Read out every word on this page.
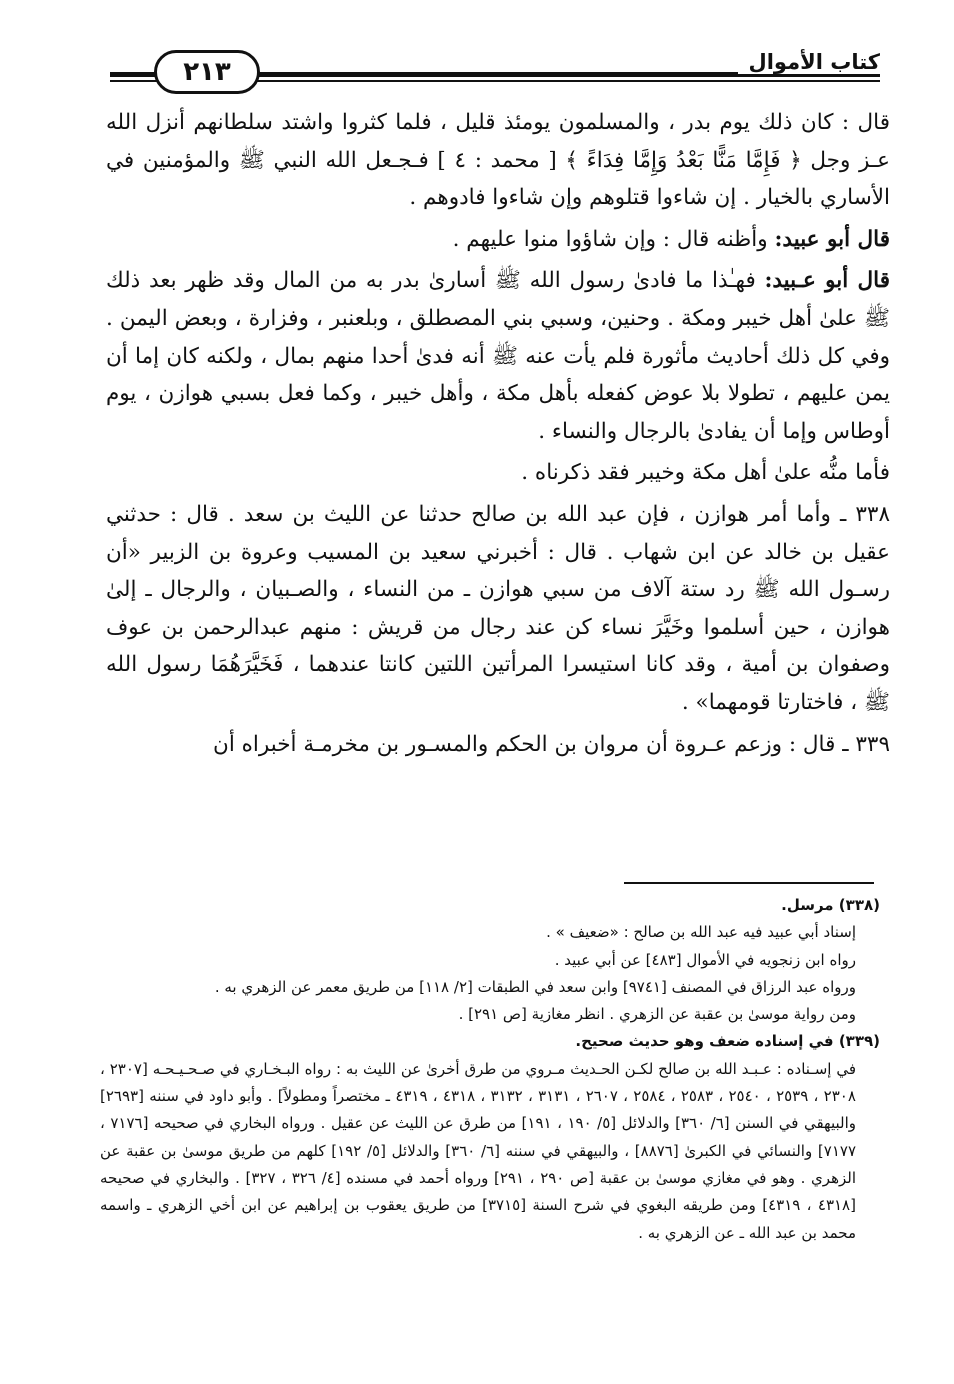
كتاب الأموال
٢١٣

قال : كان ذلك يوم بدر ، والمسلمون يومئذ قليل ، فلما كثروا واشتد سلطانهم أنزل الله عـز وجل ﴿ فَإِمَّا مَنًّا بَعْدُ وَإِمَّا فِدَاءً ﴾ [ محمد : ٤ ] فـجـعل الله النبي ﷺ والمؤمنين في الأساري بالخيار . إن شاءوا قتلوهم وإن شاءوا فادوهم .

قال أبو عبيد: وأظنه قال : وإن شاؤوا منوا عليهم .

قال أبو عـبيد: فهـٰذا ما فادىٰ رسول الله ﷺ أسارىٰ بدر به من المال وقد ظهر بعد ذلك ﷺ علىٰ أهل خيبر ومكة . وحنين، وسبي بني المصطلق ، وبلعنبر ، وفزارة ، وبعض اليمن . وفي كل ذلك أحاديث مأثورة فلم يأت عنه ﷺ أنه فدىٰ أحدا منهم بمال ، ولكنه كان إما أن يمن عليهم ، تطولا بلا عوض كفعله بأهل مكة ، وأهل خيبر ، وكما فعل بسبي هوازن ، يوم أوطاس وإما أن يفادىٰ بالرجال والنساء .

فأما منُّه علىٰ أهل مكة وخيبر فقد ذكرناه .

٣٣٨ ـ وأما أمر هوازن ، فإن عبد الله بن صالح حدثنا عن الليث بن سعد . قال : حدثني عقيل بن خالد عن ابن شهاب . قال : أخبرني سعيد بن المسيب وعروة بن الزبير «أن رسـول الله ﷺ رد ستة آلاف من سبي هوازن ـ من النساء ، والصـبيان ، والرجال ـ إلىٰ هوازن ، حين أسلموا وخَيَّرَ نساء كن عند رجال من قريش : منهم عبدالرحمن بن عوف وصفوان بن أمية ، وقد كانا استيسرا المرأتين اللتين كانتا عندهما ، فَخَيَّرَهُمَا رسول الله ﷺ ، فاختارتا قومهما» .

٣٣٩ ـ قال : وزعم عـروة أن مروان بن الحكم والمسـور بن مخرمـة أخبراه أن

(٣٣٨) مرسل.

إسناد أبي عبيد فيه عبد الله بن صالح : «ضعيف » .

رواه ابن زنجويه في الأموال [٤٨٣] عن أبي عبيد .

ورواه عبد الرزاق في المصنف [٩٧٤١] وابن سعد في الطبقات [٢/ ١١٨] من طريق معمر عن الزهري به .

ومن رواية موسىٰ بن عقبة عن الزهري . انظر مغازية [ص ٢٩١] .

(٣٣٩) في إسناده ضعف وهو حديث صحيح.

في إسـناده : عـبـد الله بن صالح لكـن الحـديث مـروي من طرق أخرىٰ عن الليث به : رواه البـخـاري في صـحـيـحـه [٢٣٠٧ ، ٢٣٠٨ ، ٢٥٣٩ ، ٢٥٤٠ ، ٢٥٨٣ ، ٢٥٨٤ ، ٢٦٠٧ ، ٣١٣١ ، ٣١٣٢ ، ٤٣١٨ ، ٤٣١٩ ـ مختصراً ومطولاً] . وأبو داود في سننه [٢٦٩٣] والبيهقي في السنن [٦/ ٣٦٠] والدلائل [٥/ ١٩٠ ، ١٩١] من طرق عن الليث عن عقيل . ورواه البخاري في صحيحه [٧١٧٦ ، ٧١٧٧] والنسائي في الكبرىٰ [٨٨٧٦] ، والبيهقي في سننه [٦/ ٣٦٠] والدلائل [٥/ ١٩٢] كلهم من طريق موسىٰ بن عقبة عن الزهري . وهو في مغازي موسىٰ بن عقبة [ص ٢٩٠ ، ٢٩١] ورواه أحمد في مسنده [٤/ ٣٢٦ ، ٣٢٧] . والبخاري في صحيحه [٤٣١٨ ، ٤٣١٩] ومن طريقه البغوي في شرح السنة [٣٧١٥] من طريق يعقوب بن إبراهيم عن ابن أخي الزهري ـ واسمه محمد بن عبد الله ـ عن الزهري به .
